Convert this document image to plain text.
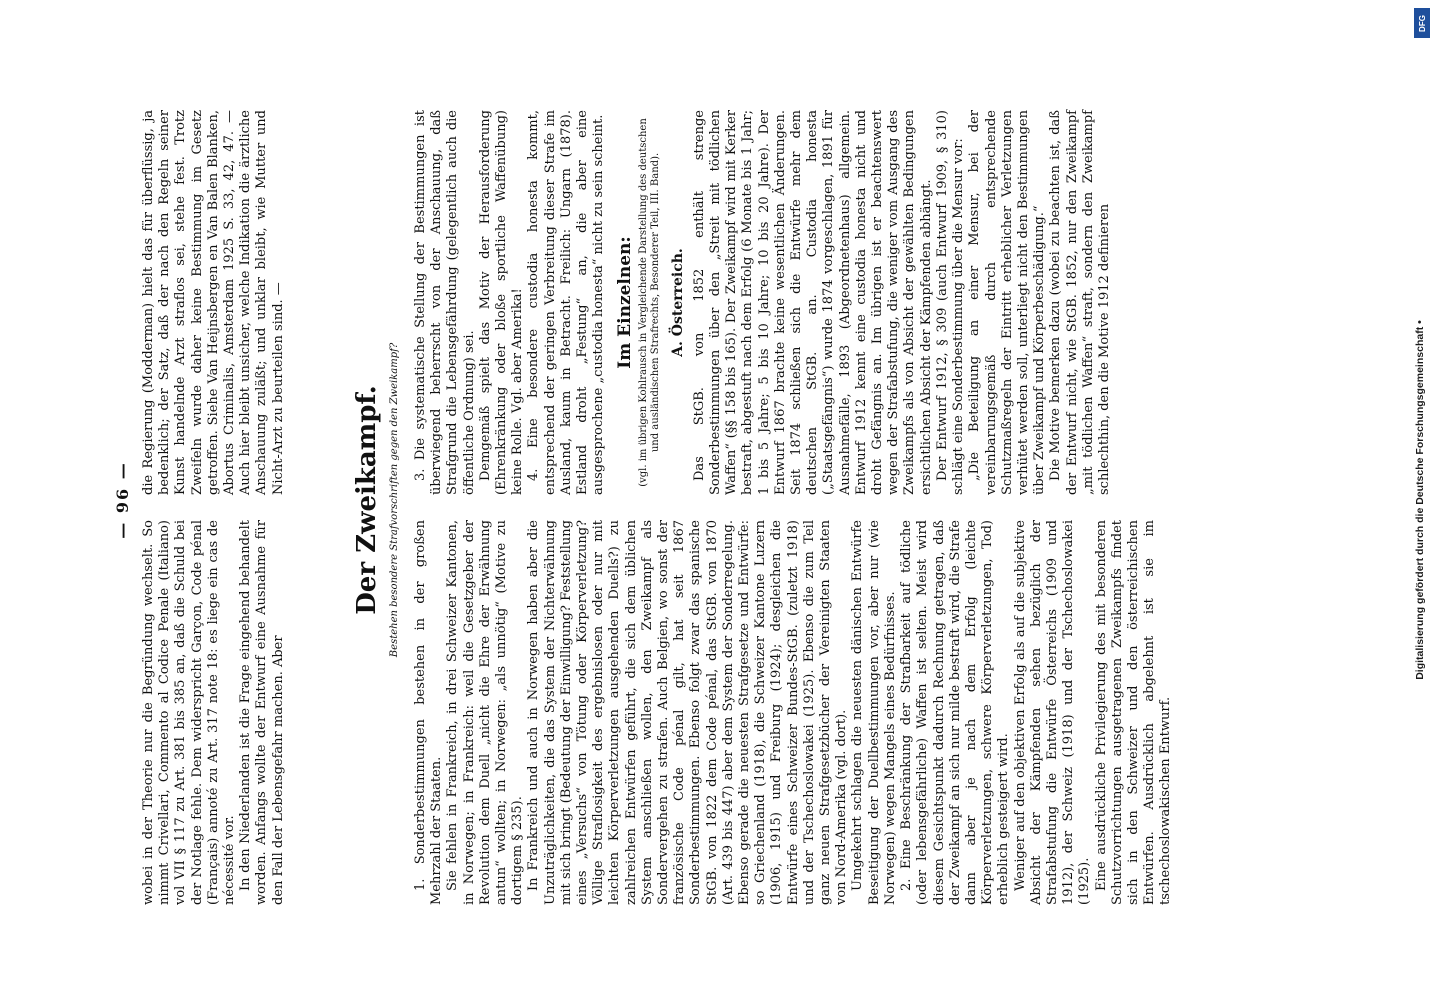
Digitalisierung gefördert durch die Deutsche Forschungsgemeinschaft •
DFG
— 96 —

wobei in der Theorie nur die Begründung wechselt. So nimmt Crivellari, Commento al Codice Penale (Italiano) vol VII § 117 zu Art. 381 bis 385 an, daß die Schuld bei der Notlage fehle. Dem widerspricht Garçon, Code pénal (Français) annoté zu Art. 317 note 18: es liege ein cas de nécessité vor. In den Niederlanden ist die Frage eingehend behandelt worden. Anfangs wollte der Entwurf eine Ausnahme für den Fall der Lebensgefahr machen. Aber

die Regierung (Modderman) hielt das für überflüssig, ja bedenklich; der Satz, daß der nach den Regeln seiner Kunst handelnde Arzt straflos sei, stehe fest. Trotz Zweifeln wurde daher keine Bestimmung im Gesetz getroffen. Siehe Van Heijnsbergen en Van Balen Blanken, Abortus Criminalis, Amsterdam 1925 S. 33, 42, 47. — Auch hier bleibt unsicher, welche Indikation die ärztliche Anschauung zuläßt; und unklar bleibt, wie Mutter und Nicht-Arzt zu beurteilen sind. —	Der Zweikampf. Bestehen besondere Strafvorschriften gegen den Zweikampf?

1. Sonderbestimmungen bestehen in der großen Mehrzahl der Staaten. Sie fehlen in Frankreich, in drei Schweizer Kantonen, in Norwegen; in Frankreich: weil die Gesetzgeber der Revolution dem Duell „nicht die Ehre der Erwähnung antun“ wollten; in Norwegen: „als unnötig“ (Motive zu dortigem § 235). In Frankreich und auch in Norwegen haben aber die Unzuträglichkeiten, die das System der Nichterwähnung mit sich bringt (Bedeutung der Einwilligung? Feststellung eines „Versuchs“ von Tötung oder Körperverletzung? Völlige Straflosigkeit des ergebnislosen oder nur mit leichten Körperverletzungen ausgehenden Duells?) zu zahlreichen Entwürfen geführt, die sich dem üblichen System anschließen wollen, den Zweikampf als Sondervergehen zu strafen. Auch Belgien, wo sonst der französische Code pénal gilt, hat seit 1867 Sonderbestimmungen. Ebenso folgt zwar das spanische StGB. von 1822 dem Code pénal, das StGB. von 1870 (Art. 439 bis 447) aber dem System der Sonderregelung. Ebenso gerade die neuesten Strafgesetze und Entwürfe: so Griechenland (1918), die Schweizer Kantone Luzern (1906, 1915) und Freiburg (1924); desgleichen die Entwürfe eines Schweizer Bundes-StGB. (zuletzt 1918) und der Tschechoslowakei (1925). Ebenso die zum Teil ganz neuen Strafgesetzbücher der Vereinigten Staaten von Nord-Amerika (vgl. dort). Umgekehrt schlagen die neuesten dänischen Entwürfe Beseitigung der Duellbestimmungen vor, aber nur (wie Norwegen) wegen Mangels eines Bedürfnisses. 2. Eine Beschränkung der Strafbarkeit auf tödliche (oder lebensgefährliche) Waffen ist selten. Meist wird diesem Gesichtspunkt dadurch Rechnung getragen, daß der Zweikampf an sich nur milde bestraft wird, die Strafe dann aber je nach dem Erfolg (leichte Körperverletzungen, schwere Körperverletzungen, Tod) erheblich gesteigert wird. Weniger auf den objektiven Erfolg als auf die subjektive Absicht der Kämpfenden sehen bezüglich der Strafabstufung die Entwürfe Österreichs (1909 und 1912), der Schweiz (1918) und der Tschechoslowakei (1925). Eine ausdrückliche Privilegierung des mit besonderen Schutzvorrichtungen ausgetragenen Zweikampfs findet sich in den Schweizer und den österreichischen Entwürfen. Ausdrücklich abgelehnt ist sie im tschechoslowakischen Entwurf.

3. Die systematische Stellung der Bestimmungen ist überwiegend beherrscht von der Anschauung, daß Strafgrund die Lebensgefährdung (gelegentlich auch die öffentliche Ordnung) sei. Demgemäß spielt das Motiv der Herausforderung (Ehrenkränkung oder bloße sportliche Waffenübung) keine Rolle. Vgl. aber Amerika! 4. Eine besondere custodia honesta kommt, entsprechend der geringen Verbreitung dieser Strafe im Ausland, kaum in Betracht. Freilich: Ungarn (1878). Estland droht „Festung“ an, die aber eine ausgesprochene „custodia honesta“ nicht zu sein scheint. Im Einzelnen: (vgl. im übrigen Kohlrausch in Vergleichende Darstellung des deutschen und ausländischen Strafrechts, Besonderer Teil, III. Band). A. Österreich. Das StGB. von 1852 enthält strenge Sonderbestimmungen über den „Streit mit tödlichen Waffen“ (§§ 158 bis 165). Der Zweikampf wird mit Kerker bestraft, abgestuft nach dem Erfolg (6 Monate bis 1 Jahr; 1 bis 5 Jahre; 5 bis 10 Jahre; 10 bis 20 Jahre). Der Entwurf 1867 brachte keine wesentlichen Änderungen. Seit 1874 schließen sich die Entwürfe mehr dem deutschen StGB. an. Custodia honesta („Staatsgefängnis“) wurde 1874 vorgeschlagen, 1891 für Ausnahmefälle, 1893 (Abgeordnetenhaus) allgemein. Entwurf 1912 kennt eine custodia honesta nicht und droht Gefängnis an. Im übrigen ist er beachtenswert wegen der Strafabstufung, die weniger vom Ausgang des Zweikampfs als von Absicht der gewählten Bedingungen ersichtlichen Absicht der Kämpfenden abhängt. Der Entwurf 1912, § 309 (auch Entwurf 1909, § 310) schlägt eine Sonderbestimmung über die Mensur vor: „Die Beteiligung an einer Mensur, bei der vereinbarungsgemäß durch entsprechende Schutzmaßregeln der Eintritt erheblicher Verletzungen verhütet werden soll, unterliegt nicht den Bestimmungen über Zweikampf und Körperbeschädigung.“ Die Motive bemerken dazu (wobei zu beachten ist, daß der Entwurf nicht, wie StGB. 1852, nur den Zweikampf „mit tödlichen Waffen“ straft, sondern den Zweikampf schlechthin, den die Motive 1912 definieren
